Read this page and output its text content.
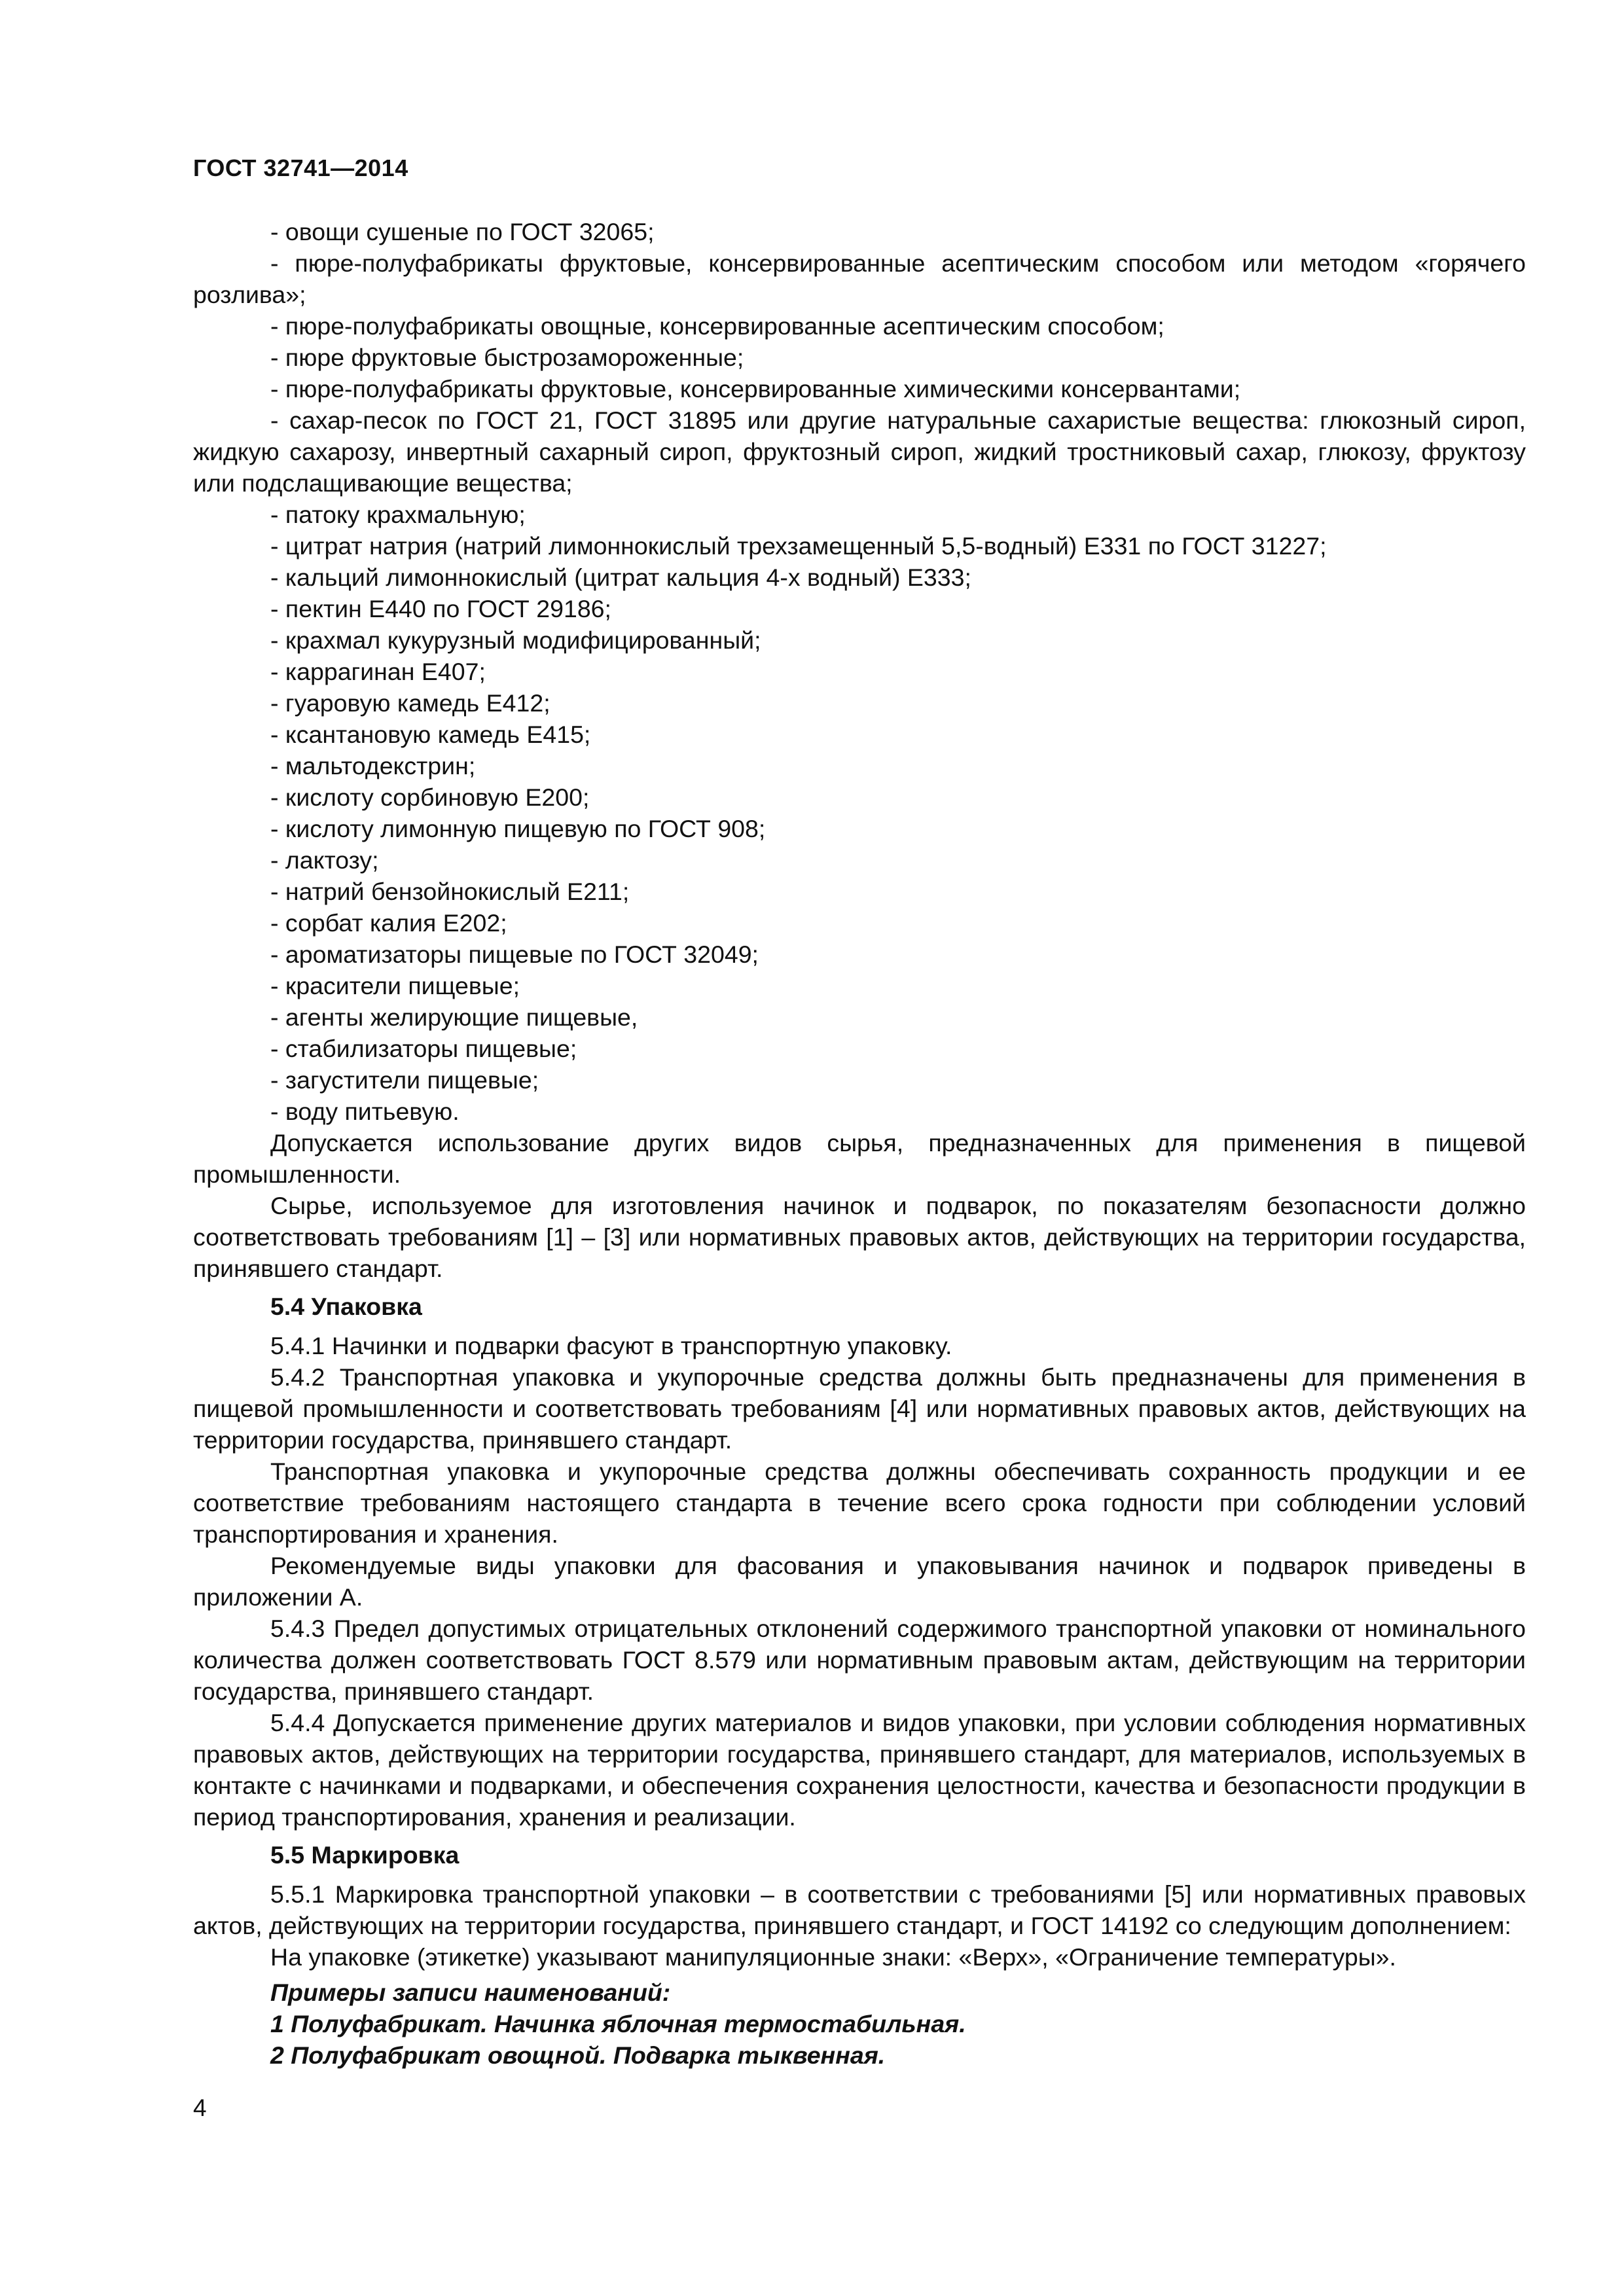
ГОСТ 32741—2014

- овощи сушеные по ГОСТ 32065;

- пюре-полуфабрикаты фруктовые, консервированные асептическим способом или методом «горячего розлива»;

- пюре-полуфабрикаты овощные, консервированные асептическим способом;

- пюре фруктовые быстрозамороженные;

- пюре-полуфабрикаты фруктовые, консервированные химическими консервантами;

- сахар-песок по ГОСТ 21, ГОСТ 31895 или другие натуральные сахаристые вещества: глюкозный сироп, жидкую сахарозу, инвертный сахарный сироп, фруктозный сироп, жидкий тростниковый сахар, глюкозу, фруктозу или подслащивающие вещества;

- патоку крахмальную;

- цитрат натрия (натрий лимоннокислый трехзамещенный 5,5-водный) Е331 по ГОСТ 31227;

- кальций лимоннокислый (цитрат кальция 4-х водный) Е333;

- пектин Е440 по ГОСТ 29186;

- крахмал кукурузный модифицированный;

- каррагинан Е407;

- гуаровую камедь Е412;

- ксантановую камедь Е415;

- мальтодекстрин;

- кислоту сорбиновую Е200;

- кислоту лимонную пищевую по ГОСТ 908;

- лактозу;

- натрий бензойнокислый Е211;

- сорбат калия Е202;

- ароматизаторы пищевые по ГОСТ 32049;

- красители пищевые;

- агенты желирующие пищевые,

- стабилизаторы пищевые;

- загустители пищевые;

- воду питьевую.

Допускается использование других видов сырья, предназначенных для применения в пищевой промышленности.

Сырье, используемое для изготовления начинок и подварок, по показателям безопасности должно соответствовать требованиям [1] – [3] или нормативных правовых актов, действующих на территории государства, принявшего стандарт.

5.4 Упаковка

5.4.1 Начинки и подварки фасуют в транспортную упаковку.

5.4.2 Транспортная упаковка и укупорочные средства должны быть предназначены для применения в пищевой промышленности и соответствовать требованиям [4] или нормативных правовых актов, действующих на территории государства, принявшего стандарт.

Транспортная упаковка и укупорочные средства должны обеспечивать сохранность продукции и ее соответствие требованиям настоящего стандарта в течение всего срока годности при соблюдении условий транспортирования и хранения.

Рекомендуемые виды упаковки для фасования и упаковывания начинок и подварок приведены в приложении А.

5.4.3 Предел допустимых отрицательных отклонений содержимого транспортной упаковки от номинального количества должен соответствовать ГОСТ 8.579 или нормативным правовым актам, действующим на территории государства, принявшего стандарт.

5.4.4 Допускается применение других материалов и видов упаковки, при условии соблюдения нормативных правовых актов, действующих на территории государства, принявшего стандарт, для материалов, используемых в контакте с начинками и подварками, и обеспечения сохранения целостности, качества и безопасности продукции в период транспортирования, хранения и реализации.

5.5 Маркировка

5.5.1 Маркировка транспортной упаковки – в соответствии с требованиями [5] или нормативных правовых актов, действующих на территории государства, принявшего стандарт, и ГОСТ 14192 со следующим дополнением:

На упаковке (этикетке) указывают манипуляционные знаки: «Верх», «Ограничение температуры».

Примеры записи наименований:

1 Полуфабрикат. Начинка яблочная термостабильная.

2 Полуфабрикат овощной. Подварка тыквенная.

4
